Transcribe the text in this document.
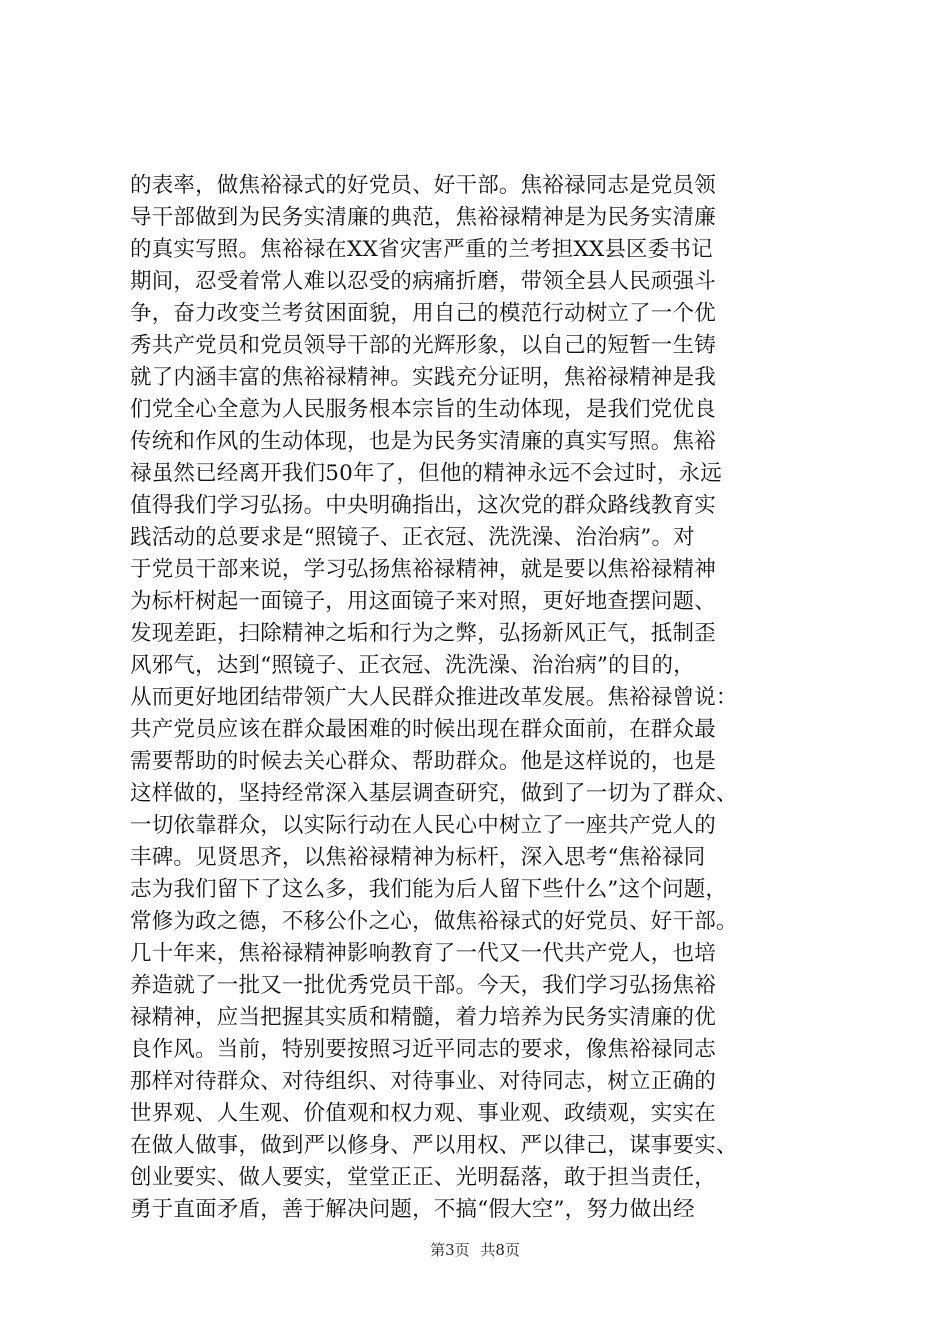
的表率，做焦裕禄式的好党员、好干部。焦裕禄同志是党员领
导干部做到为民务实清廉的典范，焦裕禄精神是为民务实清廉
的真实写照。焦裕禄在XX省灾害严重的兰考担XX县区委书记
期间，忍受着常人难以忍受的病痛折磨，带领全县人民顽强斗
争，奋力改变兰考贫困面貌，用自己的模范行动树立了一个优
秀共产党员和党员领导干部的光辉形象，以自己的短暂一生铸
就了内涵丰富的焦裕禄精神。实践充分证明，焦裕禄精神是我
们党全心全意为人民服务根本宗旨的生动体现，是我们党优良
传统和作风的生动体现，也是为民务实清廉的真实写照。焦裕
禄虽然已经离开我们50年了，但他的精神永远不会过时，永远
值得我们学习弘扬。中央明确指出，这次党的群众路线教育实
践活动的总要求是“照镜子、正衣冠、洗洗澡、治治病”。对
于党员干部来说，学习弘扬焦裕禄精神，就是要以焦裕禄精神
为标杆树起一面镜子，用这面镜子来对照，更好地查摆问题、
发现差距，扫除精神之垢和行为之弊，弘扬新风正气，抵制歪
风邪气，达到“照镜子、正衣冠、洗洗澡、治治病”的目的，
从而更好地团结带领广大人民群众推进改革发展。焦裕禄曾说：
共产党员应该在群众最困难的时候出现在群众面前，在群众最
需要帮助的时候去关心群众、帮助群众。他是这样说的，也是
这样做的，坚持经常深入基层调查研究，做到了一切为了群众、
一切依靠群众，以实际行动在人民心中树立了一座共产党人的
丰碑。见贤思齐，以焦裕禄精神为标杆，深入思考“焦裕禄同
志为我们留下了这么多，我们能为后人留下些什么”这个问题，
常修为政之德，不移公仆之心，做焦裕禄式的好党员、好干部。
几十年来，焦裕禄精神影响教育了一代又一代共产党人，也培
养造就了一批又一批优秀党员干部。今天，我们学习弘扬焦裕
禄精神，应当把握其实质和精髓，着力培养为民务实清廉的优
良作风。当前，特别要按照习近平同志的要求，像焦裕禄同志
那样对待群众、对待组织、对待事业、对待同志，树立正确的
世界观、人生观、价值观和权力观、事业观、政绩观，实实在
在做人做事，做到严以修身、严以用权、严以律己，谋事要实、
创业要实、做人要实，堂堂正正、光明磊落，敢于担当责任，
勇于直面矛盾，善于解决问题，不搞“假大空”，努力做出经
第3页 共8页
